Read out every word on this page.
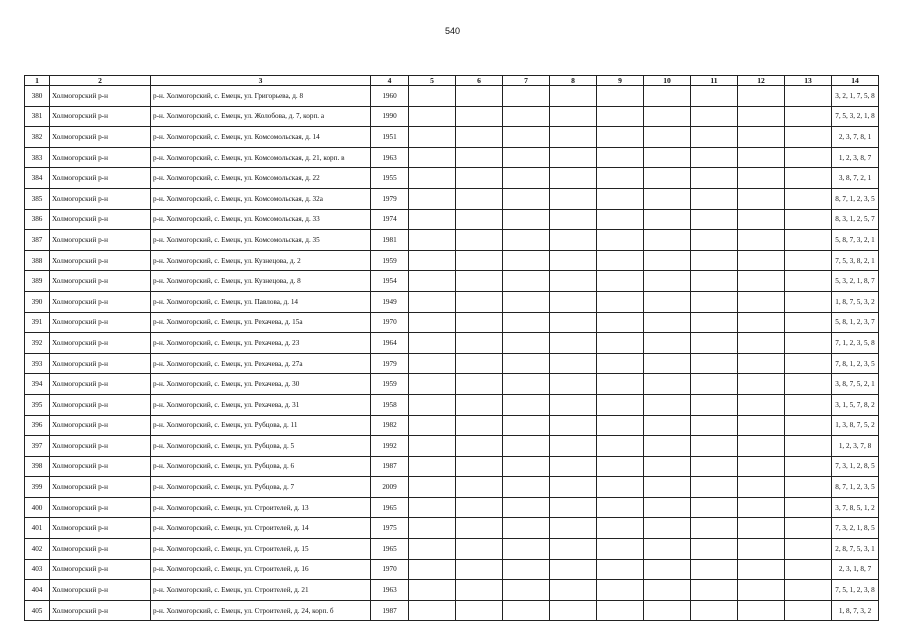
540
1	2	3	4	5	6	7	8	9	10	11	12	13	14
380	Холмогорский р-н	р-н. Холмогорский, с. Емецк, ул. Григорьева, д. 8	1960										3, 2, 1, 7, 5, 8
381	Холмогорский р-н	р-н. Холмогорский, с. Емецк, ул. Жолобова, д. 7, корп. а	1990										7, 5, 3, 2, 1, 8
382	Холмогорский р-н	р-н. Холмогорский, с. Емецк, ул. Комсомольская, д. 14	1951										2, 3, 7, 8, 1
383	Холмогорский р-н	р-н. Холмогорский, с. Емецк, ул. Комсомольская, д. 21, корп. в	1963										1, 2, 3, 8, 7
384	Холмогорский р-н	р-н. Холмогорский, с. Емецк, ул. Комсомольская, д. 22	1955										3, 8, 7, 2, 1
385	Холмогорский р-н	р-н. Холмогорский, с. Емецк, ул. Комсомольская, д. 32а	1979										8, 7, 1, 2, 3, 5
386	Холмогорский р-н	р-н. Холмогорский, с. Емецк, ул. Комсомольская, д. 33	1974										8, 3, 1, 2, 5, 7
387	Холмогорский р-н	р-н. Холмогорский, с. Емецк, ул. Комсомольская, д. 35	1981										5, 8, 7, 3, 2, 1
388	Холмогорский р-н	р-н. Холмогорский, с. Емецк, ул. Кузнецова, д. 2	1959										7, 5, 3, 8, 2, 1
389	Холмогорский р-н	р-н. Холмогорский, с. Емецк, ул. Кузнецова, д. 8	1954										5, 3, 2, 1, 8, 7
390	Холмогорский р-н	р-н. Холмогорский, с. Емецк, ул. Павлова, д. 14	1949										1, 8, 7, 5, 3, 2
391	Холмогорский р-н	р-н. Холмогорский, с. Емецк, ул. Рехачева, д. 15а	1970										5, 8, 1, 2, 3, 7
392	Холмогорский р-н	р-н. Холмогорский, с. Емецк, ул. Рехачева, д. 23	1964										7, 1, 2, 3, 5, 8
393	Холмогорский р-н	р-н. Холмогорский, с. Емецк, ул. Рехачева, д. 27а	1979										7, 8, 1, 2, 3, 5
394	Холмогорский р-н	р-н. Холмогорский, с. Емецк, ул. Рехачева, д. 30	1959										3, 8, 7, 5, 2, 1
395	Холмогорский р-н	р-н. Холмогорский, с. Емецк, ул. Рехачева, д. 31	1958										3, 1, 5, 7, 8, 2
396	Холмогорский р-н	р-н. Холмогорский, с. Емецк, ул. Рубцова, д. 11	1982										1, 3, 8, 7, 5, 2
397	Холмогорский р-н	р-н. Холмогорский, с. Емецк, ул. Рубцова, д. 5	1992										1, 2, 3, 7, 8
398	Холмогорский р-н	р-н. Холмогорский, с. Емецк, ул. Рубцова, д. 6	1987										7, 3, 1, 2, 8, 5
399	Холмогорский р-н	р-н. Холмогорский, с. Емецк, ул. Рубцова, д. 7	2009										8, 7, 1, 2, 3, 5
400	Холмогорский р-н	р-н. Холмогорский, с. Емецк, ул. Строителей, д. 13	1965										3, 7, 8, 5, 1, 2
401	Холмогорский р-н	р-н. Холмогорский, с. Емецк, ул. Строителей, д. 14	1975										7, 3, 2, 1, 8, 5
402	Холмогорский р-н	р-н. Холмогорский, с. Емецк, ул. Строителей, д. 15	1965										2, 8, 7, 5, 3, 1
403	Холмогорский р-н	р-н. Холмогорский, с. Емецк, ул. Строителей, д. 16	1970										2, 3, 1, 8, 7
404	Холмогорский р-н	р-н. Холмогорский, с. Емецк, ул. Строителей, д. 21	1963										7, 5, 1, 2, 3, 8
405	Холмогорский р-н	р-н. Холмогорский, с. Емецк, ул. Строителей, д. 24, корп. б	1987										1, 8, 7, 3, 2
